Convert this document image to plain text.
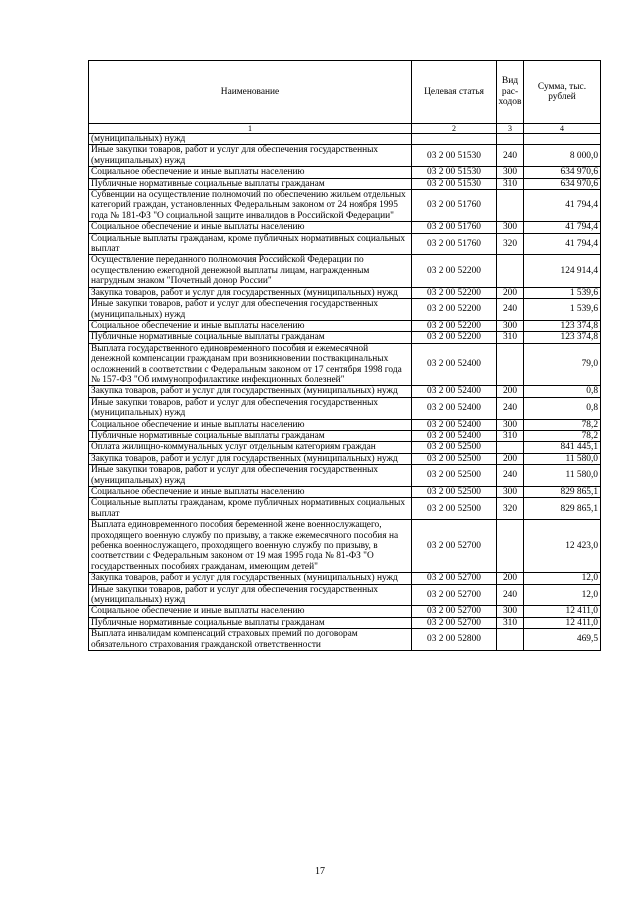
Наименование	Целевая статья	Вид рас-ходов	Сумма, тыс. рублей
1	2	3	4
(муниципальных) нужд			
Иные закупки товаров, работ и услуг для обеспечения государственных (муниципальных) нужд	03 2 00 51530	240	8 000,0
Социальное обеспечение и иные выплаты населению	03 2 00 51530	300	634 970,6
Публичные нормативные социальные выплаты гражданам	03 2 00 51530	310	634 970,6
Субвенции на осуществление полномочий по обеспечению жильем отдельных категорий граждан, установленных Федеральным законом от 24 ноября 1995 года № 181-ФЗ "О социальной защите инвалидов в Российской Федерации"	03 2 00 51760		41 794,4
Социальное обеспечение и иные выплаты населению	03 2 00 51760	300	41 794,4
Социальные выплаты гражданам, кроме публичных нормативных социальных выплат	03 2 00 51760	320	41 794,4
Осуществление переданного полномочия Российской Федерации по осуществлению ежегодной денежной выплаты лицам, награжденным нагрудным знаком "Почетный донор России"	03 2 00 52200		124 914,4
Закупка товаров, работ и услуг для государственных (муниципальных) нужд	03 2 00 52200	200	1 539,6
Иные закупки товаров, работ и услуг для обеспечения государственных (муниципальных) нужд	03 2 00 52200	240	1 539,6
Социальное обеспечение и иные выплаты населению	03 2 00 52200	300	123 374,8
Публичные нормативные социальные выплаты гражданам	03 2 00 52200	310	123 374,8
Выплата государственного единовременного пособия и ежемесячной денежной компенсации гражданам при возникновении поствакцинальных осложнений в соответствии с Федеральным законом от 17 сентября 1998 года № 157-ФЗ "Об иммунопрофилактике инфекционных болезней"	03 2 00 52400		79,0
Закупка товаров, работ и услуг для государственных (муниципальных) нужд	03 2 00 52400	200	0,8
Иные закупки товаров, работ и услуг для обеспечения государственных (муниципальных) нужд	03 2 00 52400	240	0,8
Социальное обеспечение и иные выплаты населению	03 2 00 52400	300	78,2
Публичные нормативные социальные выплаты гражданам	03 2 00 52400	310	78,2
Оплата жилищно-коммунальных услуг отдельным категориям граждан	03 2 00 52500		841 445,1
Закупка товаров, работ и услуг для государственных (муниципальных) нужд	03 2 00 52500	200	11 580,0
Иные закупки товаров, работ и услуг для обеспечения государственных (муниципальных) нужд	03 2 00 52500	240	11 580,0
Социальное обеспечение и иные выплаты населению	03 2 00 52500	300	829 865,1
Социальные выплаты гражданам, кроме публичных нормативных социальных выплат	03 2 00 52500	320	829 865,1
Выплата единовременного пособия беременной жене военнослужащего, проходящего военную службу по призыву, а также ежемесячного пособия на ребенка военнослужащего, проходящего военную службу по призыву, в соответствии с Федеральным законом от 19 мая 1995 года № 81-ФЗ "О государственных пособиях гражданам, имеющим детей"	03 2 00 52700		12 423,0
Закупка товаров, работ и услуг для государственных (муниципальных) нужд	03 2 00 52700	200	12,0
Иные закупки товаров, работ и услуг для обеспечения государственных (муниципальных) нужд	03 2 00 52700	240	12,0
Социальное обеспечение и иные выплаты населению	03 2 00 52700	300	12 411,0
Публичные нормативные социальные выплаты гражданам	03 2 00 52700	310	12 411,0
Выплата инвалидам компенсаций страховых премий по договорам обязательного страхования гражданской ответственности	03 2 00 52800		469,5
17
